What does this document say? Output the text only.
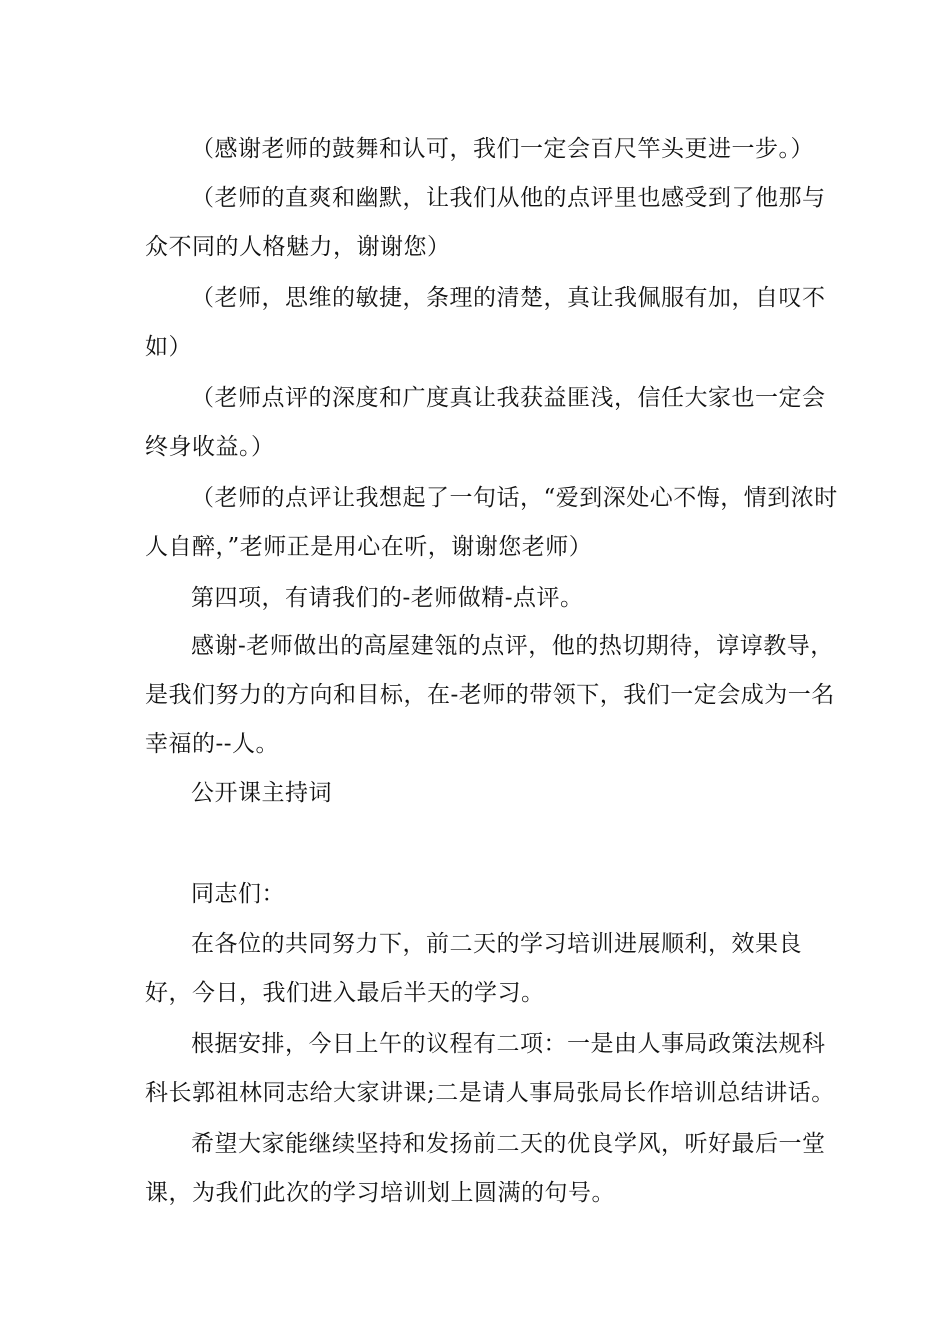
（感谢老师的鼓舞和认可，我们一定会百尺竿头更进一步。）

（老师的直爽和幽默，让我们从他的点评里也感受到了他那与众不同的人格魅力，谢谢您）

（老师，思维的敏捷，条理的清楚，真让我佩服有加，自叹不如）

（老师点评的深度和广度真让我获益匪浅，信任大家也一定会终身收益。）

（老师的点评让我想起了一句话，“爱到深处心不悔，情到浓时人自醉，”老师正是用心在听，谢谢您老师）

第四项，有请我们的-老师做精-点评。

感谢-老师做出的高屋建瓴的点评，他的热切期待，谆谆教导，是我们努力的方向和目标，在-老师的带领下，我们一定会成为一名幸福的--人。

公开课主持词

同志们：

在各位的共同努力下，前二天的学习培训进展顺利，效果良好，今日，我们进入最后半天的学习。

根据安排，今日上午的议程有二项：一是由人事局政策法规科科长郭祖林同志给大家讲课;二是请人事局张局长作培训总结讲话。

希望大家能继续坚持和发扬前二天的优良学风，听好最后一堂课，为我们此次的学习培训划上圆满的句号。
